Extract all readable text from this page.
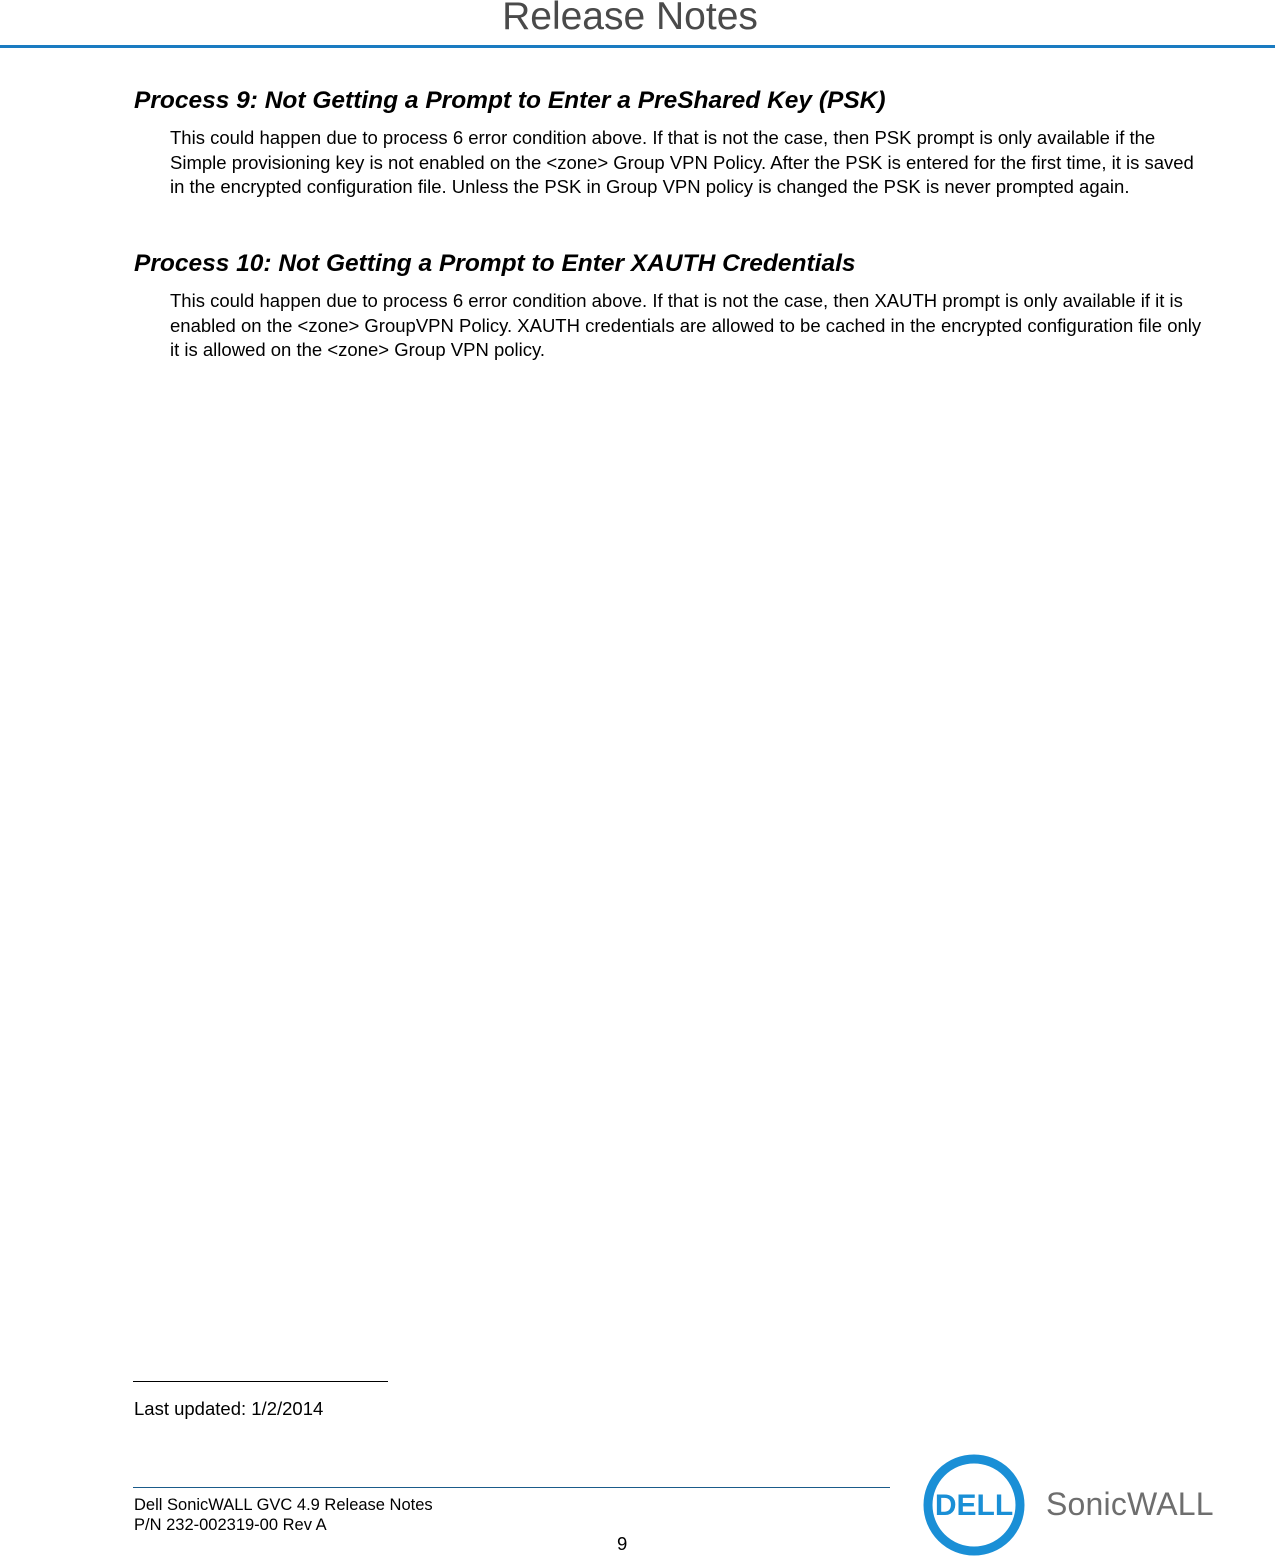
Release Notes
Process 9: Not Getting a Prompt to Enter a PreShared Key (PSK)

This could happen due to process 6 error condition above. If that is not the case, then PSK prompt is only available if the Simple provisioning key is not enabled on the <zone> Group VPN Policy. After the PSK is entered for the first time, it is saved in the encrypted configuration file. Unless the PSK in Group VPN policy is changed the PSK is never prompted again.

Process 10: Not Getting a Prompt to Enter XAUTH Credentials

This could happen due to process 6 error condition above. If that is not the case, then XAUTH prompt is only available if it is enabled on the <zone> GroupVPN Policy. XAUTH credentials are allowed to be cached in the encrypted configuration file only it is allowed on the <zone> Group VPN policy.

Last updated: 1/2/2014
Dell SonicWALL GVC 4.9 Release Notes
P/N 232-002319-00 Rev A
9
DELL SonicWALL
